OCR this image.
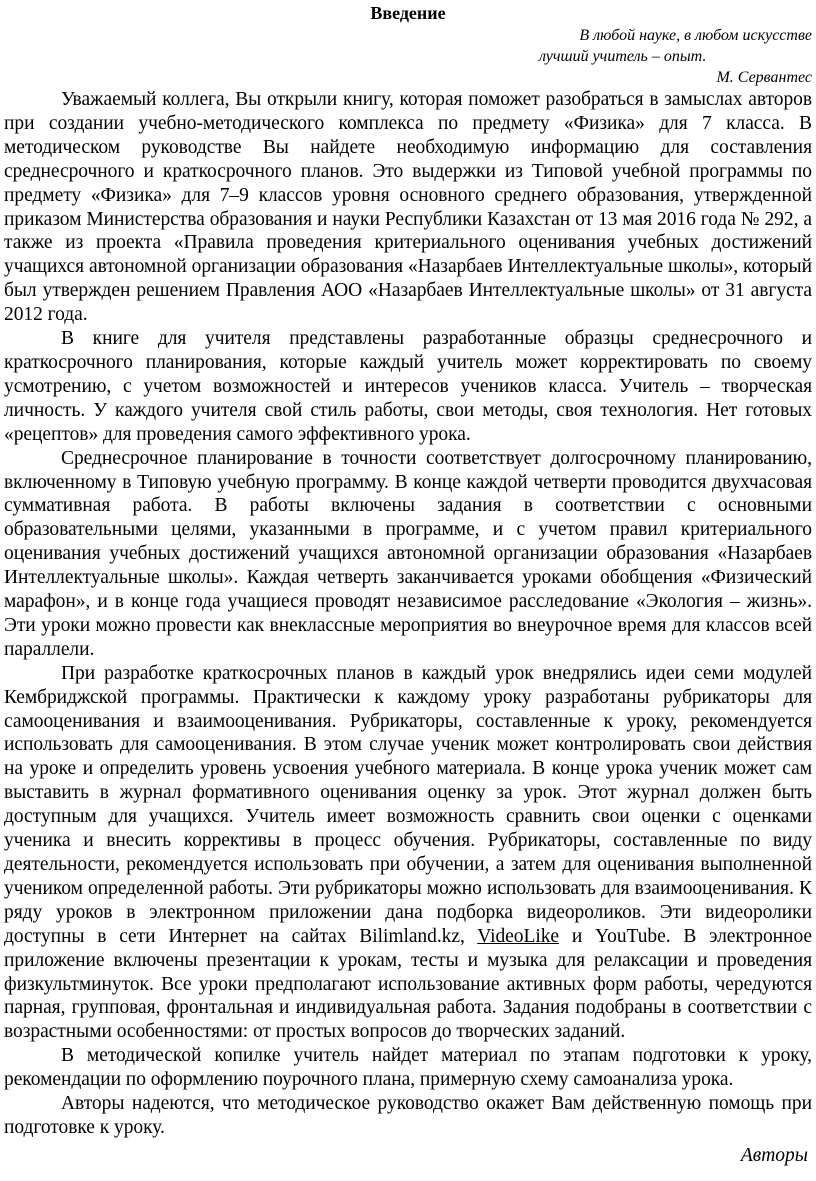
Введение
В любой науке, в любом искусстве
лучший учитель – опыт.
М. Сервантес

Уважаемый коллега, Вы открыли книгу, которая поможет разобраться в замыслах авторов при создании учебно-методического комплекса по предмету «Физика» для 7 класса. В методическом руководстве Вы найдете необходимую информацию для составления среднесрочного и краткосрочного планов. Это выдержки из Типовой учебной программы по предмету «Физика» для 7–9 классов уровня основного среднего образования, утвержденной приказом Министерства образования и науки Республики Казахстан от 13 мая 2016 года № 292, а также из проекта «Правила проведения критериального оценивания учебных достижений учащихся автономной организации образования «Назарбаев Интеллектуальные школы», который был утвержден решением Правления АОО «Назарбаев Интеллектуальные школы» от 31 августа 2012 года.

В книге для учителя представлены разработанные образцы среднесрочного и краткосрочного планирования, которые каждый учитель может корректировать по своему усмотрению, с учетом возможностей и интересов учеников класса. Учитель – творческая личность. У каждого учителя свой стиль работы, свои методы, своя технология. Нет готовых «рецептов» для проведения самого эффективного урока.

Среднесрочное планирование в точности соответствует долгосрочному планированию, включенному в Типовую учебную программу. В конце каждой четверти проводится двухчасовая суммативная работа. В работы включены задания в соответствии с основными образовательными целями, указанными в программе, и с учетом правил критериального оценивания учебных достижений учащихся автономной организации образования «Назарбаев Интеллектуальные школы». Каждая четверть заканчивается уроками обобщения «Физический марафон», и в конце года учащиеся проводят независимое расследование «Экология – жизнь». Эти уроки можно провести как внеклассные мероприятия во внеурочное время для классов всей параллели.

При разработке краткосрочных планов в каждый урок внедрялись идеи семи модулей Кембриджской программы. Практически к каждому уроку разработаны рубрикаторы для самооценивания и взаимооценивания. Рубрикаторы, составленные к уроку, рекомендуется использовать для самооценивания. В этом случае ученик может контролировать свои действия на уроке и определить уровень усвоения учебного материала. В конце урока ученик может сам выставить в журнал формативного оценивания оценку за урок. Этот журнал должен быть доступным для учащихся. Учитель имеет возможность сравнить свои оценки с оценками ученика и внесить коррективы в процесс обучения. Рубрикаторы, составленные по виду деятельности, рекомендуется использовать при обучении, а затем для оценивания выполненной учеником определенной работы. Эти рубрикаторы можно использовать для взаимооценивания. К ряду уроков в электронном приложении дана подборка видеороликов. Эти видеоролики доступны в сети Интернет на сайтах Bilimland.kz, VideoLike и YouTube. В электронное приложение включены презентации к урокам, тесты и музыка для релаксации и проведения физкультминуток. Все уроки предполагают использование активных форм работы, чередуются парная, групповая, фронтальная и индивидуальная работа. Задания подобраны в соответствии с возрастными особенностями: от простых вопросов до творческих заданий.

В методической копилке учитель найдет материал по этапам подготовки к уроку, рекомендации по оформлению поурочного плана, примерную схему самоанализа урока.

Авторы надеются, что методическое руководство окажет Вам действенную помощь при подготовке к уроку.

Авторы
